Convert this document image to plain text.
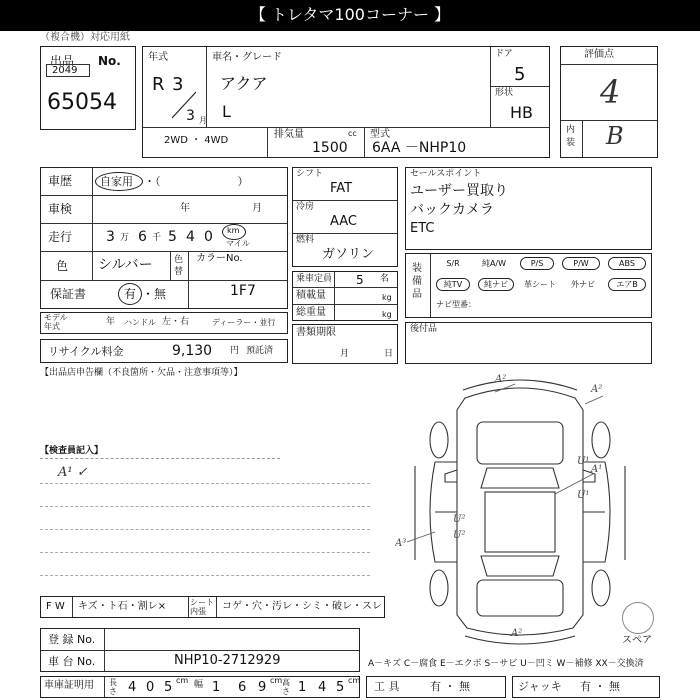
【 トレタマ100コーナー 】
（複合機）対応用紙
出品 No.
2049
65054
年式
R 3
3 月
車名・グレード
アクア
L
ドア
5
形状
HB
2WD ・ 4WD
排気量	cc
1500
型式
6AA －NHP10
評価点
4
内装 B
車歴	自家用 ・（　　　　　　　）
車検	年	月
走行 3 万 6 千 5 4 0 km
マイル
色 シルバー 色替
カラーNo.
1F7
保証書	有 ・無
モデル年式	年 ハンドル 左・右	ディーラー・並行
リサイクル料金	9,130 円 預託済
シフト
FAT
冷房
AAC
燃料
ガソリン
乗車定員 5 名
積載量	kg
総重量	kg
書類期限
月	日
セールスポイント
ユーザー買取り
バックカメラ
ETC
装備品
S/R	純A/W	P/S	P/W	ABS
純TV	純ナビ	革シート	外ナビ	エアB
ナビ型番：
後付品
【出品店申告欄（不良箇所・欠品・注意事項等）】
【検査員記入】
A¹ ✓
A²
A²
A¹
U¹
U¹
U²
U²
A³
A²
スペア
F W キズ・ト石・割レ×	シート内張	コゲ・穴・汚レ・シミ・破レ・スレ
登 録 No.
車 台 No.	NHP10-2712929
車庫証明用 長さ 4 0 5 cm 幅 1 6 9 cm 高さ 1 4 5 cm
A－キズ C－腐食 E－エクボ S－サビ U－凹ミ W－補修 XX－交換済
工 具	有 ・ 無	ジャッキ 有 ・ 無
